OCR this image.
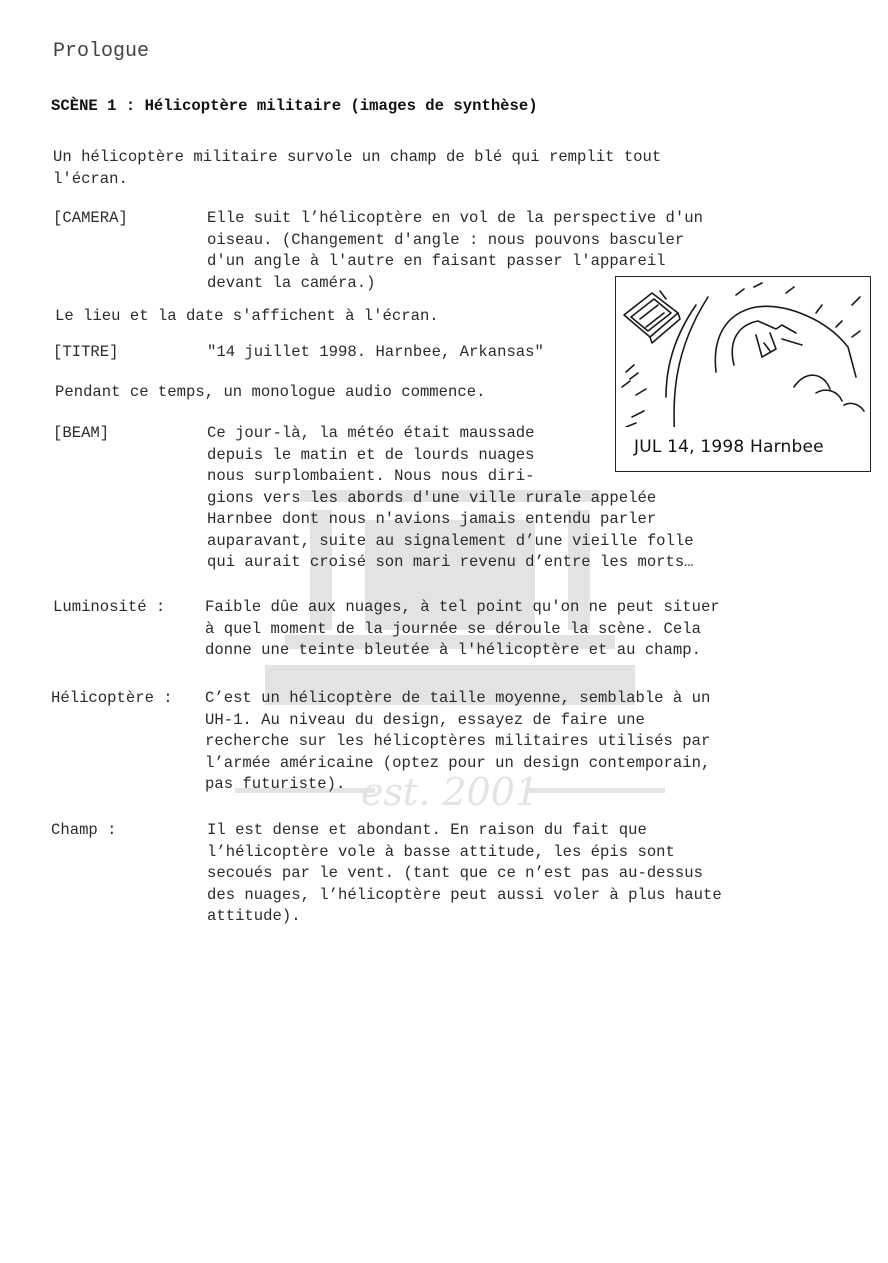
est. 2001
Prologue
SCÈNE 1 : Hélicoptère militaire (images de synthèse)

Un hélicoptère militaire survole un champ de blé qui remplit tout

l'écran.

[CAMERA]	Elle suit l’hélicoptère en vol de la perspective d'un

oiseau. (Changement d'angle : nous pouvons basculer

d'un angle à l'autre en faisant passer l'appareil

devant la caméra.)

Le lieu et la date s'affichent à l'écran.
[TITRE]	"14 juillet 1998. Harnbee, Arkansas"
Pendant ce temps, un monologue audio commence.
[BEAM]	Ce jour-là, la météo était maussade

depuis le matin et de lourds nuages

nous surplombaient. Nous nous diri-

gions vers les abords d'une ville rurale appelée

Harnbee dont nous n'avions jamais entendu parler

auparavant, suite au signalement d’une vieille folle

qui aurait croisé son mari revenu d’entre les morts…

Luminosité :	Faible dûe aux nuages, à tel point qu'on ne peut situer

à quel moment de la journée se déroule la scène. Cela

donne une teinte bleutée à l'hélicoptère et au champ.

Hélicoptère : C’est un hélicoptère de taille moyenne, semblable à un

UH-1. Au niveau du design, essayez de faire une

recherche sur les hélicoptères militaires utilisés par

l’armée américaine (optez pour un design contemporain,

pas futuriste).

Champ :	Il est dense et abondant. En raison du fait que

l’hélicoptère vole à basse attitude, les épis sont

secoués par le vent. (tant que ce n’est pas au-dessus

des nuages, l’hélicoptère peut aussi voler à plus haute

attitude).

JUL 14, 1998 Harnbee
